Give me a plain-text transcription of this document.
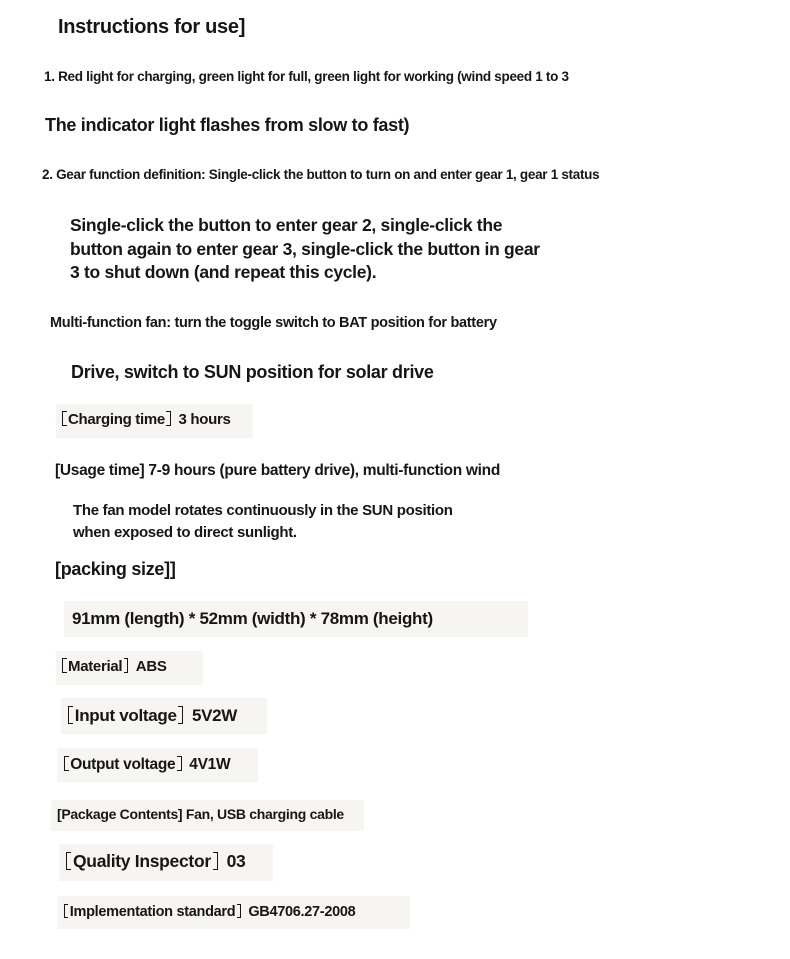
Instructions for use]
1. Red light for charging, green light for full, green light for working (wind speed 1 to 3
The indicator light flashes from slow to fast)
2. Gear function definition: Single-click the button to turn on and enter gear 1, gear 1 status
Single-click the button to enter gear 2, single-click the
button again to enter gear 3, single-click the button in gear
3 to shut down (and repeat this cycle).
Multi-function fan: turn the toggle switch to BAT position for battery
Drive, switch to SUN position for solar drive
Charging time 3 hours
[Usage time] 7-9 hours (pure battery drive), multi-function wind
The fan model rotates continuously in the SUN position
when exposed to direct sunlight.
[packing size]]
91mm (length) * 52mm (width) * 78mm (height)
Material ABS
Input voltage 5V2W
Output voltage 4V1W
[Package Contents] Fan, USB charging cable
Quality Inspector 03
Implementation standard GB4706.27-2008
